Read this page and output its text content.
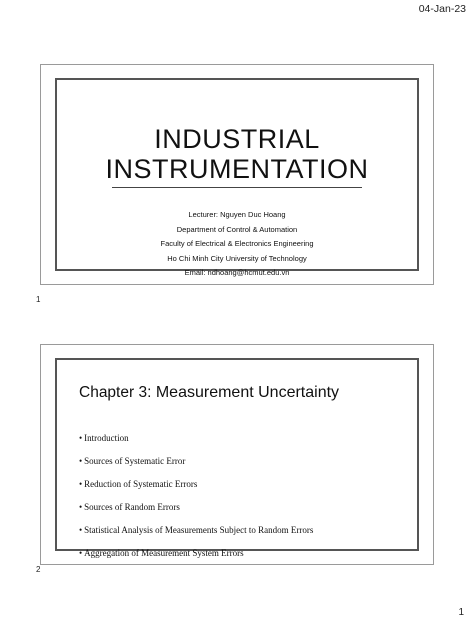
04-Jan-23

INDUSTRIAL

INSTRUMENTATION

Lecturer: Nguyen Duc Hoang

Department of Control & Automation

Faculty of Electrical & Electronics Engineering

Ho Chi Minh City University of Technology

Email: ndhoang@hcmut.edu.vn

1
Chapter 3: Measurement Uncertainty
• Introduction
• Sources of Systematic Error
• Reduction of Systematic Errors
• Sources of Random Errors
• Statistical Analysis of Measurements Subject to Random Errors
• Aggregation of Measurement System Errors
2
1
